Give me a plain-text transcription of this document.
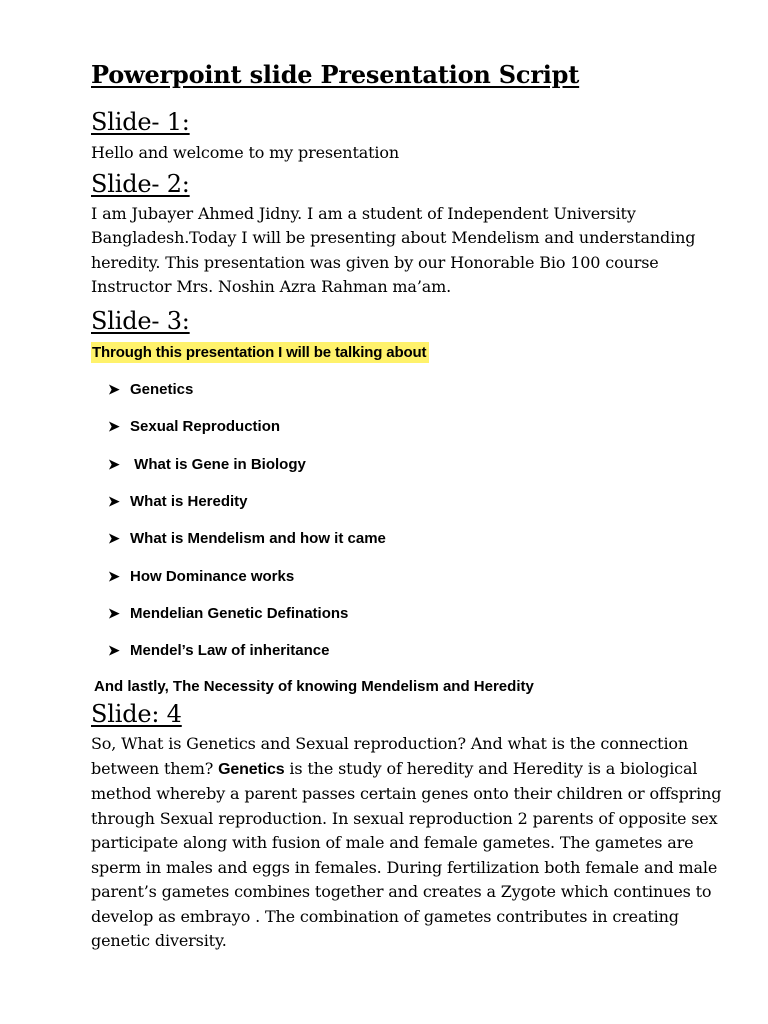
Powerpoint slide Presentation Script
Slide- 1:

Hello and welcome to my presentation

Slide- 2:

I am Jubayer Ahmed Jidny. I am a student of Independent University Bangladesh.Today I will be presenting about Mendelism and understanding heredity. This presentation was given by our Honorable Bio 100 course Instructor Mrs. Noshin Azra Rahman ma’am.

Slide- 3:

Through this presentation I will be talking about

➤ Genetics
➤ Sexual Reproduction
➤ What is Gene in Biology
➤ What is Heredity
➤ What is Mendelism and how it came
➤ How Dominance works
➤ Mendelian Genetic Definations
➤ Mendel’s Law of inheritance

And lastly, The Necessity of knowing Mendelism and Heredity

Slide: 4

So, What is Genetics and Sexual reproduction? And what is the connection between them? Genetics is the study of heredity and Heredity is a biological method whereby a parent passes certain genes onto their children or offspring through Sexual reproduction. In sexual reproduction 2 parents of opposite sex participate along with fusion of male and female gametes. The gametes are sperm in males and eggs in females. During fertilization both female and male parent’s gametes combines together and creates a Zygote which continues to develop as embrayo . The combination of gametes contributes in creating genetic diversity.
